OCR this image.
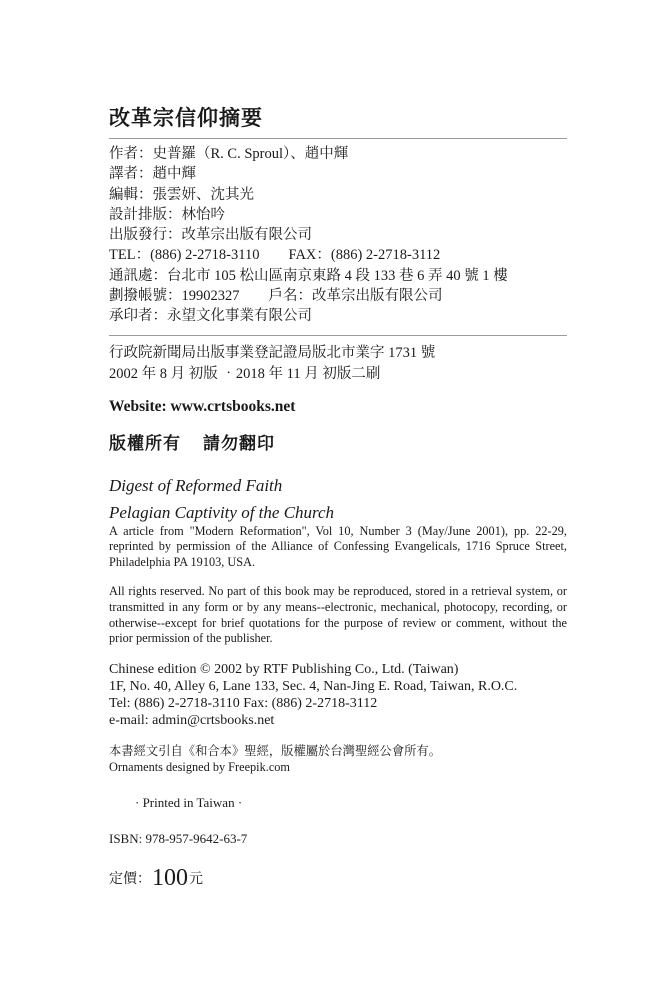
改革宗信仰摘要
作者：史普羅（R. C. Sproul）、趙中輝
譯者：趙中輝
編輯：張雲妍、沈其光
設計排版：林怡吟
出版發行：改革宗出版有限公司
TEL：(886) 2-2718-3110　　FAX：(886) 2-2718-3112
通訊處：台北市 105 松山區南京東路 4 段 133 巷 6 弄 40 號 1 樓
劃撥帳號：19902327　　戶名：改革宗出版有限公司
承印者：永望文化事業有限公司
行政院新聞局出版事業登記證局版北市業字 1731 號
2002 年 8 月 初版 ‧2018 年 11 月 初版二刷
Website: www.crtsbooks.net
版權所有 請勿翻印
Digest of Reformed Faith
Pelagian Captivity of the Church

A article from "Modern Reformation", Vol 10, Number 3 (May/June 2001), pp. 22-29, reprinted by permission of the Alliance of Confessing Evangelicals, 1716 Spruce Street, Philadelphia PA 19103, USA.

All rights reserved. No part of this book may be reproduced, stored in a retrieval system, or transmitted in any form or by any means--electronic, mechanical, photocopy, recording, or otherwise--except for brief quotations for the purpose of review or comment, without the prior permission of the publisher.

Chinese edition © 2002 by RTF Publishing Co., Ltd. (Taiwan)
1F, No. 40, Alley 6, Lane 133, Sec. 4, Nan-Jing E. Road, Taiwan, R.O.C.
Tel: (886) 2-2718-3110 Fax: (886) 2-2718-3112
e-mail: admin@crtsbooks.net
本書經文引自《和合本》聖經，版權屬於台灣聖經公會所有。
Ornaments designed by Freepik.com
· Printed in Taiwan ·
ISBN: 978-957-9642-63-7
定價：100元
